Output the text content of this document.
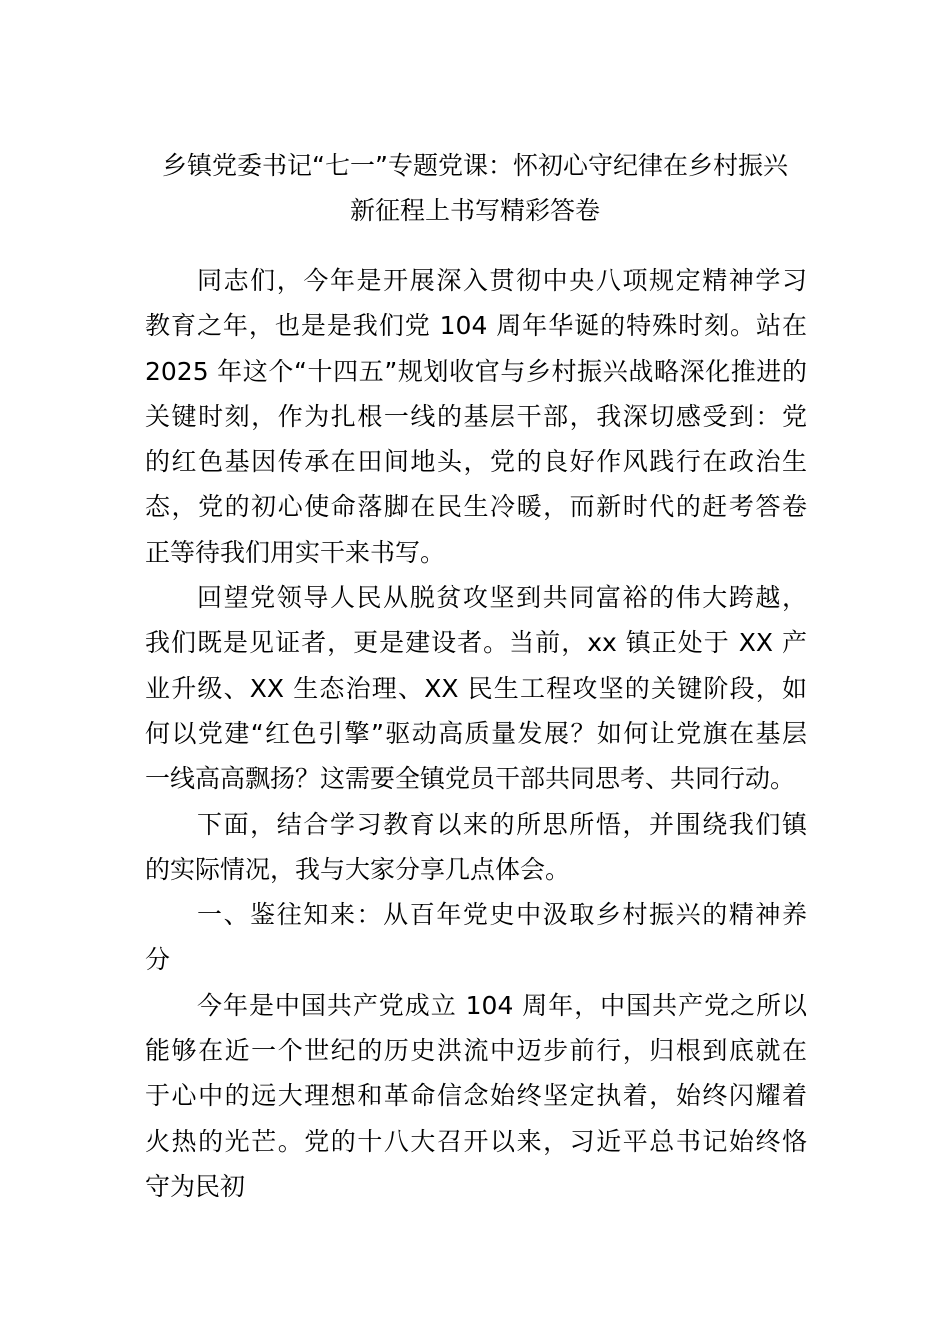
乡镇党委书记“七一”专题党课：怀初心守纪律在乡村振兴
新征程上书写精彩答卷
同志们，今年是开展深入贯彻中央八项规定精神学习
教育之年，也是是我们党 104 周年华诞的特殊时刻。站在
2025 年这个“十四五”规划收官与乡村振兴战略深化推进的
关键时刻，作为扎根一线的基层干部，我深切感受到：党
的红色基因传承在田间地头，党的良好作风践行在政治生
态，党的初心使命落脚在民生冷暖，而新时代的赶考答卷
正等待我们用实干来书写。
回望党领导人民从脱贫攻坚到共同富裕的伟大跨越，
我们既是见证者，更是建设者。当前，xx 镇正处于 XX 产
业升级、XX 生态治理、XX 民生工程攻坚的关键阶段，如
何以党建“红色引擎”驱动高质量发展？如何让党旗在基层
一线高高飘扬？这需要全镇党员干部共同思考、共同行动。
下面，结合学习教育以来的所思所悟，并围绕我们镇
的实际情况，我与大家分享几点体会。
一、鉴往知来：从百年党史中汲取乡村振兴的精神养
分
今年是中国共产党成立 104 周年，中国共产党之所以
能够在近一个世纪的历史洪流中迈步前行，归根到底就在
于心中的远大理想和革命信念始终坚定执着，始终闪耀着
火热的光芒。党的十八大召开以来，习近平总书记始终恪
守为民初
